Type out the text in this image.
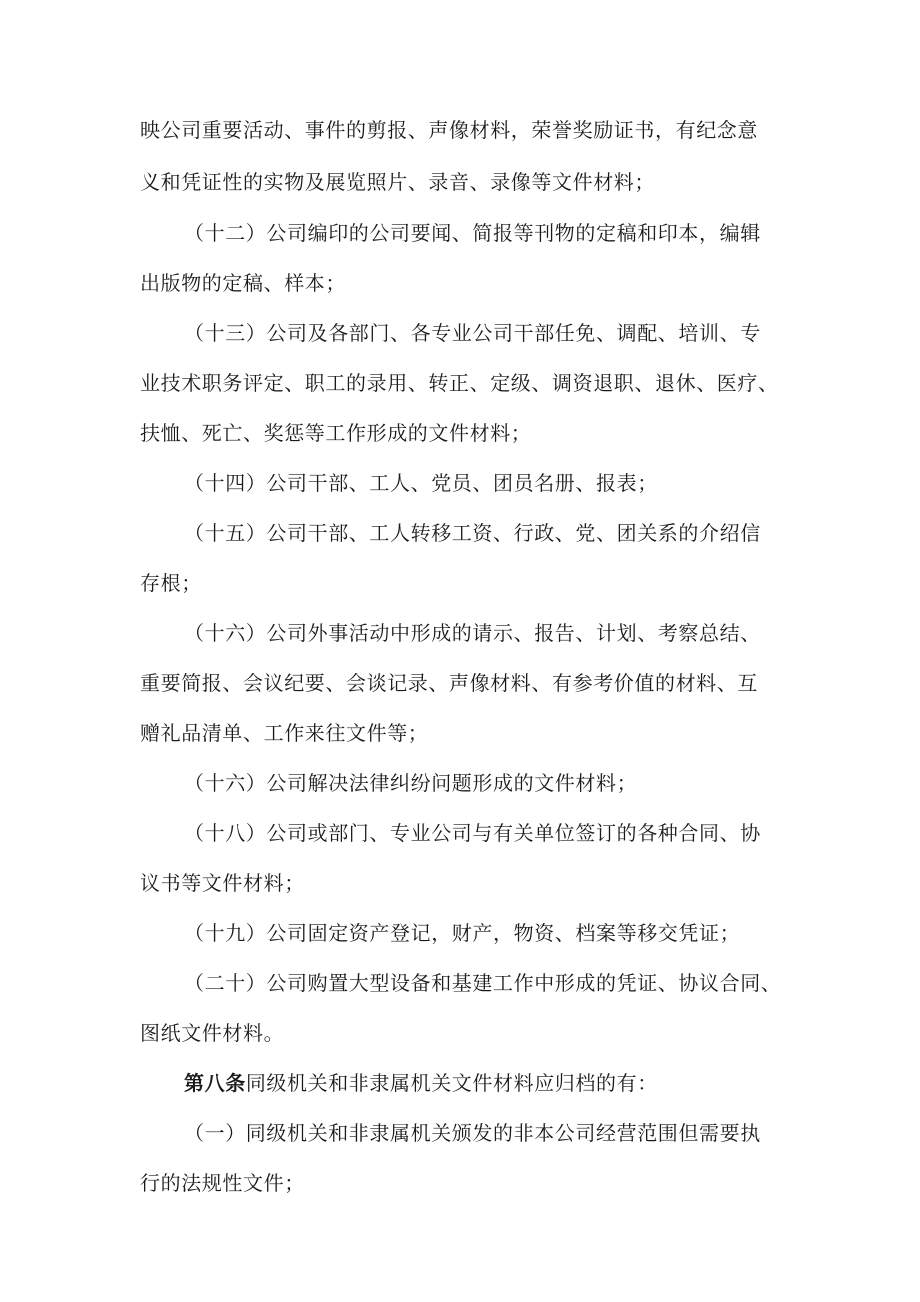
映公司重要活动、事件的剪报、声像材料，荣誉奖励证书，有纪念意

义和凭证性的实物及展览照片、录音、录像等文件材料；

（十二）公司编印的公司要闻、简报等刊物的定稿和印本，编辑

出版物的定稿、样本；

（十三）公司及各部门、各专业公司干部任免、调配、培训、专

业技术职务评定、职工的录用、转正、定级、调资退职、退休、医疗、

扶恤、死亡、奖惩等工作形成的文件材料；

（十四）公司干部、工人、党员、团员名册、报表；

（十五）公司干部、工人转移工资、行政、党、团关系的介绍信

存根；

（十六）公司外事活动中形成的请示、报告、计划、考察总结、

重要简报、会议纪要、会谈记录、声像材料、有参考价值的材料、互

赠礼品清单、工作来往文件等；

（十六）公司解决法律纠纷问题形成的文件材料；

（十八）公司或部门、专业公司与有关单位签订的各种合同、协

议书等文件材料；

（十九）公司固定资产登记，财产，物资、档案等移交凭证；

（二十）公司购置大型设备和基建工作中形成的凭证、协议合同、

图纸文件材料。

第八条同级机关和非隶属机关文件材料应归档的有：

（一）同级机关和非隶属机关颁发的非本公司经营范围但需要执

行的法规性文件；
